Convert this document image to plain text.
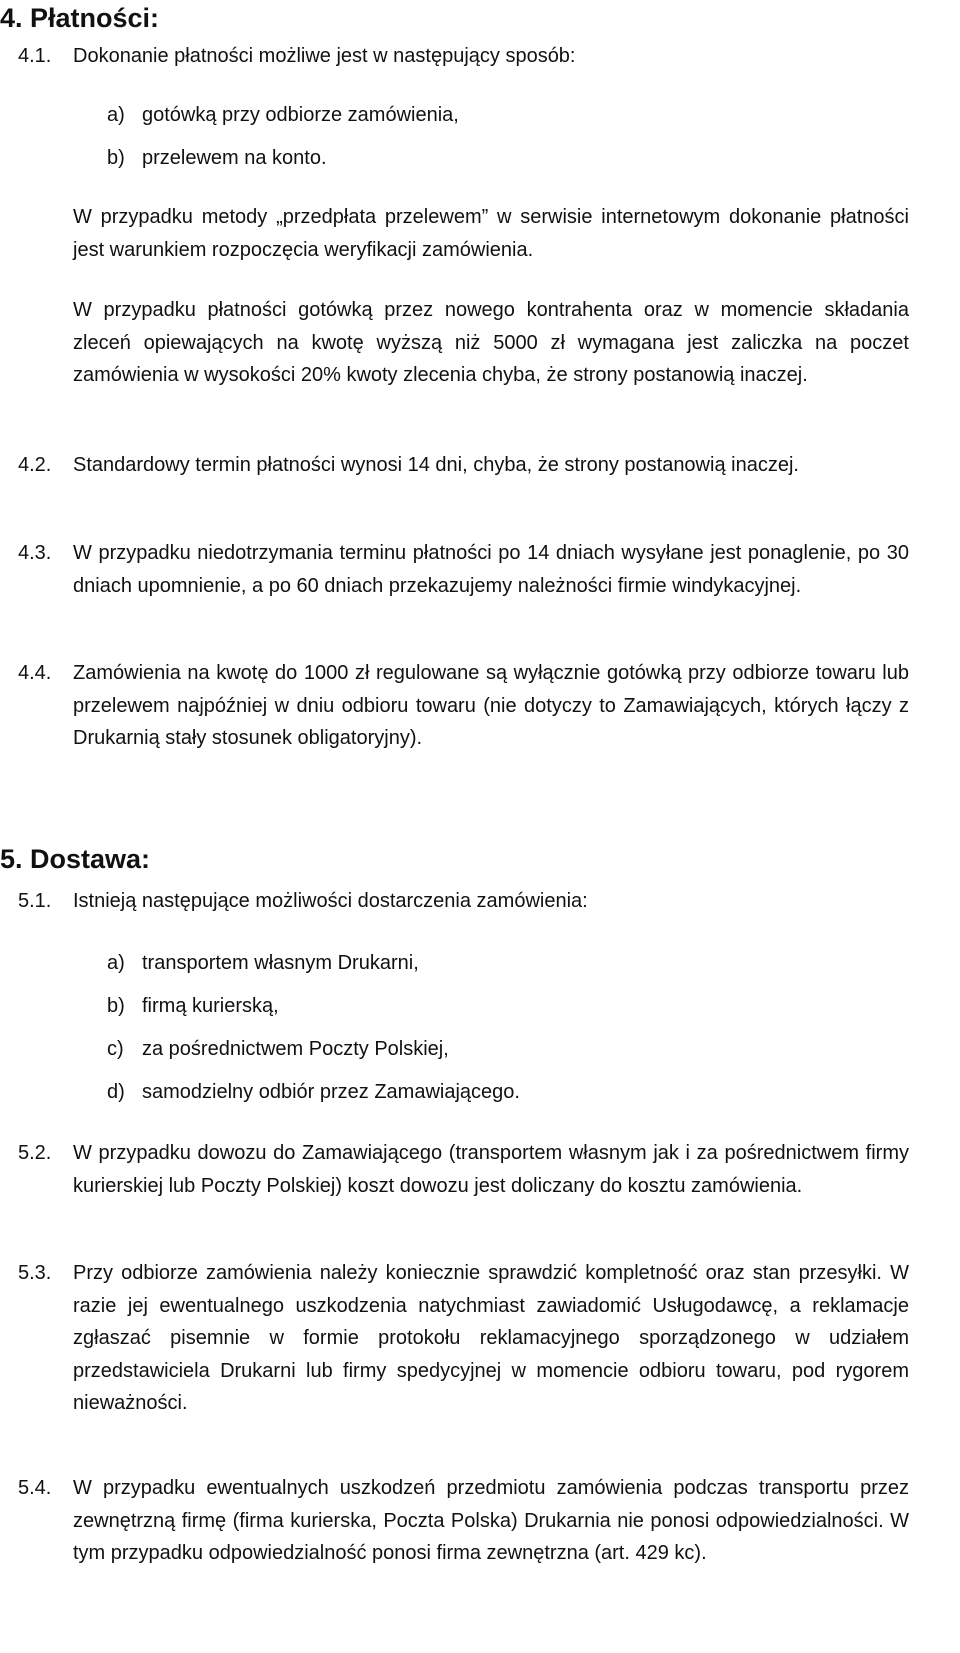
4. Płatności:
4.1. Dokonanie płatności możliwe jest w następujący sposób:

a) gotówką przy odbiorze zamówienia,
b) przelewem na konto.

W przypadku metody „przedpłata przelewem” w serwisie internetowym dokonanie płatności jest warunkiem rozpoczęcia weryfikacji zamówienia.

W przypadku płatności gotówką przez nowego kontrahenta oraz w momencie składania zleceń opiewających na kwotę wyższą niż 5000 zł wymagana jest zaliczka na poczet zamówienia w wysokości 20% kwoty zlecenia chyba, że strony postanowią inaczej.

4.2. Standardowy termin płatności wynosi 14 dni, chyba, że strony postanowią inaczej.

4.3. W przypadku niedotrzymania terminu płatności po 14 dniach wysyłane jest ponaglenie, po 30 dniach upomnienie, a po 60 dniach przekazujemy należności firmie windykacyjnej.

4.4. Zamówienia na kwotę do 1000 zł regulowane są wyłącznie gotówką przy odbiorze towaru lub przelewem najpóźniej w dniu odbioru towaru (nie dotyczy to Zamawiających, których łączy z Drukarnią stały stosunek obligatoryjny).

5. Dostawa:
5.1. Istnieją następujące możliwości dostarczenia zamówienia:

a) transportem własnym Drukarni,
b) firmą kurierską,
c) za pośrednictwem Poczty Polskiej,
d) samodzielny odbiór przez Zamawiającego.
5.2. W przypadku dowozu do Zamawiającego (transportem własnym jak i za pośrednictwem firmy kurierskiej lub Poczty Polskiej) koszt dowozu jest doliczany do kosztu zamówienia.

5.3. Przy odbiorze zamówienia należy koniecznie sprawdzić kompletność oraz stan przesyłki. W razie jej ewentualnego uszkodzenia natychmiast zawiadomić Usługodawcę, a reklamacje zgłaszać pisemnie w formie protokołu reklamacyjnego sporządzonego w udziałem przedstawiciela Drukarni lub firmy spedycyjnej w momencie odbioru towaru, pod rygorem nieważności.

5.4. W przypadku ewentualnych uszkodzeń przedmiotu zamówienia podczas transportu przez zewnętrzną firmę (firma kurierska, Poczta Polska) Drukarnia nie ponosi odpowiedzialności. W tym przypadku odpowiedzialność ponosi firma zewnętrzna (art. 429 kc).
